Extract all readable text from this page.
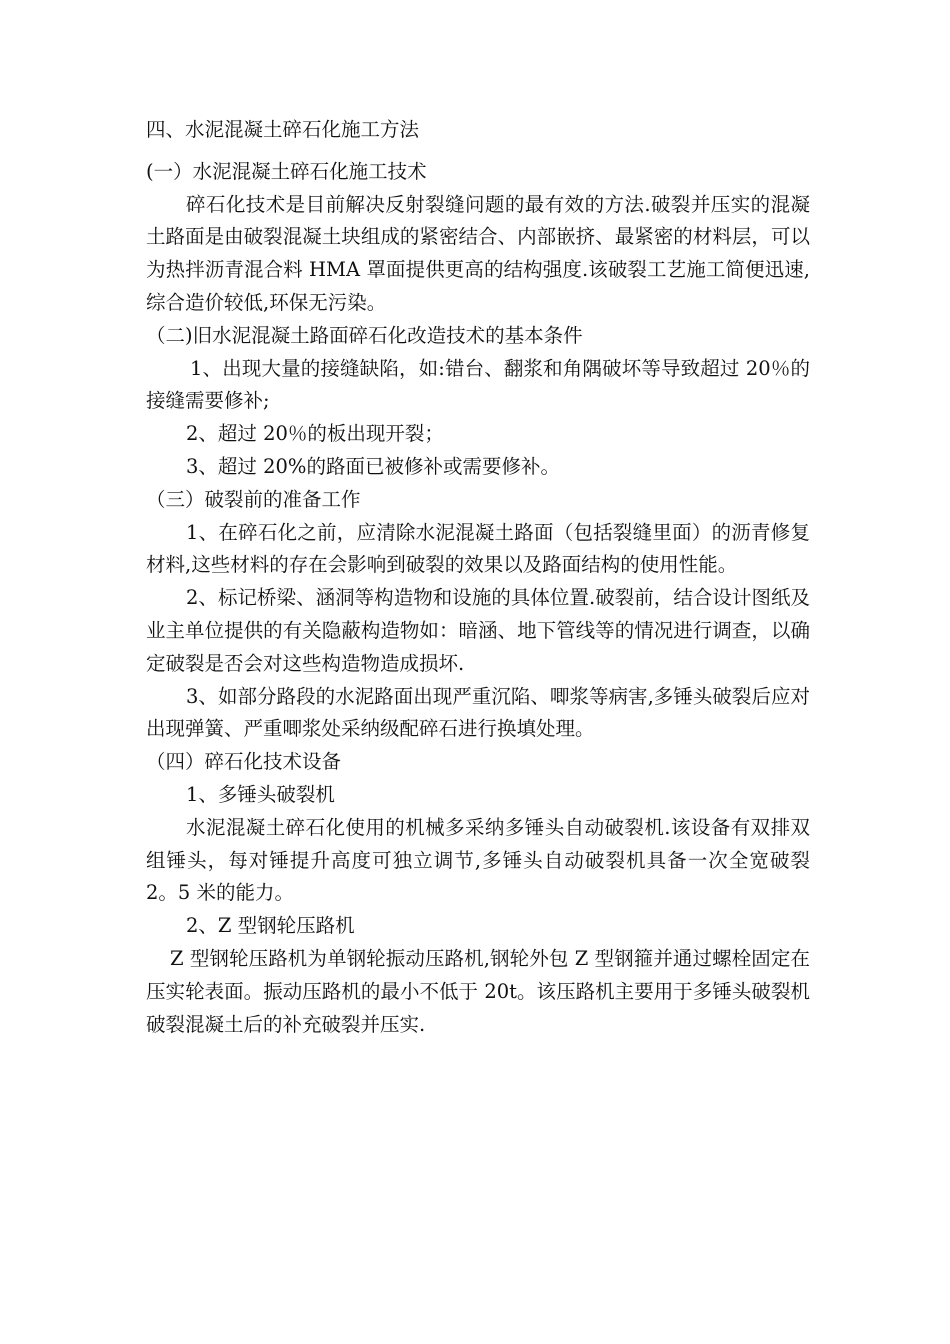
四、水泥混凝土碎石化施工方法

(一）水泥混凝土碎石化施工技术

碎石化技术是目前解决反射裂缝问题的最有效的方法.破裂并压实的混凝土路面是由破裂混凝土块组成的紧密结合、内部嵌挤、最紧密的材料层，可以为热拌沥青混合料 HMA 罩面提供更高的结构强度.该破裂工艺施工简便迅速,综合造价较低,环保无污染。

（二)旧水泥混凝土路面碎石化改造技术的基本条件

1、出现大量的接缝缺陷，如:错台、翻浆和角隅破坏等导致超过 20％的接缝需要修补;

2、超过 20％的板出现开裂；

3、超过 20%的路面已被修补或需要修补。

（三）破裂前的准备工作

1、在碎石化之前，应清除水泥混凝土路面（包括裂缝里面）的沥青修复材料,这些材料的存在会影响到破裂的效果以及路面结构的使用性能。

2、标记桥梁、涵洞等构造物和设施的具体位置.破裂前，结合设计图纸及业主单位提供的有关隐蔽构造物如：暗涵、地下管线等的情况进行调查，以确定破裂是否会对这些构造物造成损坏.

3、如部分路段的水泥路面出现严重沉陷、唧浆等病害,多锤头破裂后应对出现弹簧、严重唧浆处采纳级配碎石进行换填处理。

（四）碎石化技术设备

1、多锤头破裂机

水泥混凝土碎石化使用的机械多采纳多锤头自动破裂机.该设备有双排双组锤头，每对锤提升高度可独立调节,多锤头自动破裂机具备一次全宽破裂 2。5 米的能力。

2、Z 型钢轮压路机

Z 型钢轮压路机为单钢轮振动压路机,钢轮外包 Z 型钢箍并通过螺栓固定在压实轮表面。振动压路机的最小不低于 20t。该压路机主要用于多锤头破裂机破裂混凝土后的补充破裂并压实.
